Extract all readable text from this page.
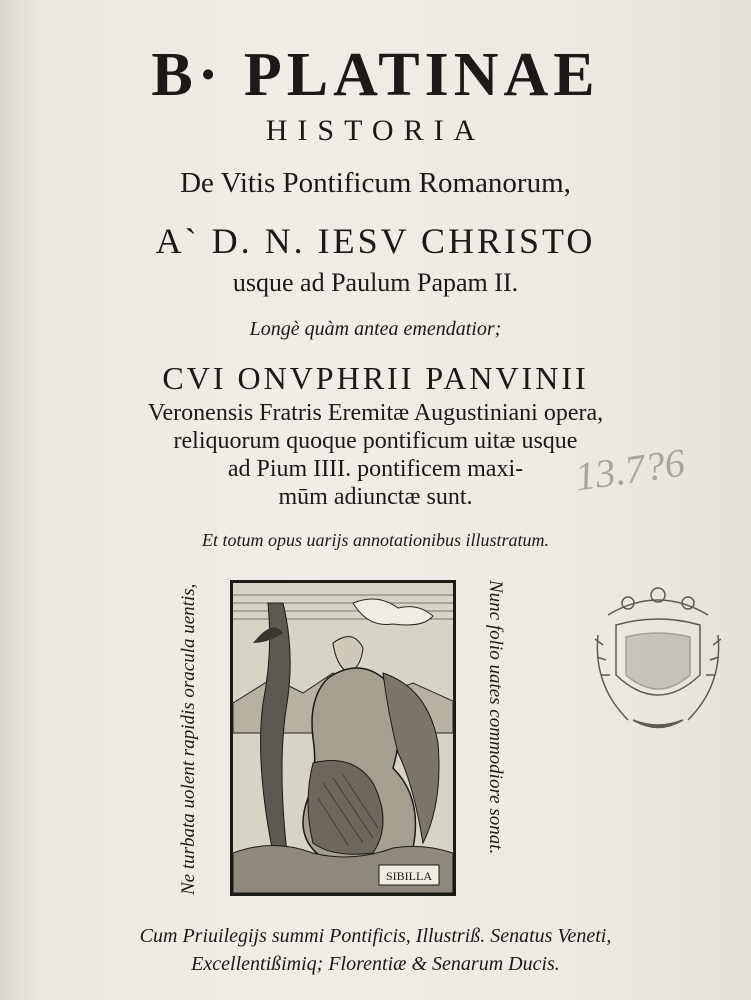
B· PLATINAE
HISTORIA
De Vitis Pontificum Romanorum,
A` D. N. IESV CHRISTO
usque ad Paulum Papam II.
Longè quàm antea emendatior;
CVI ONVPHRII PANVINII
Veronensis Fratris Eremitæ Augustiniani opera,
reliquorum quoque pontificum uitæ usque
ad Pium IIII. pontificem maxi-
mūm adiunctæ sunt.
Et totum opus uarijs annotationibus illustratum.
13.7?6
Ne turbata uolent rapidis oracula uentis,	Nunc folio uates commodiore sonat.
SIBILLA
Cum Priuilegijs summi Pontificis, Illustriß. Senatus Veneti,
Excellentißimiq; Florentiæ & Senarum Ducis.
